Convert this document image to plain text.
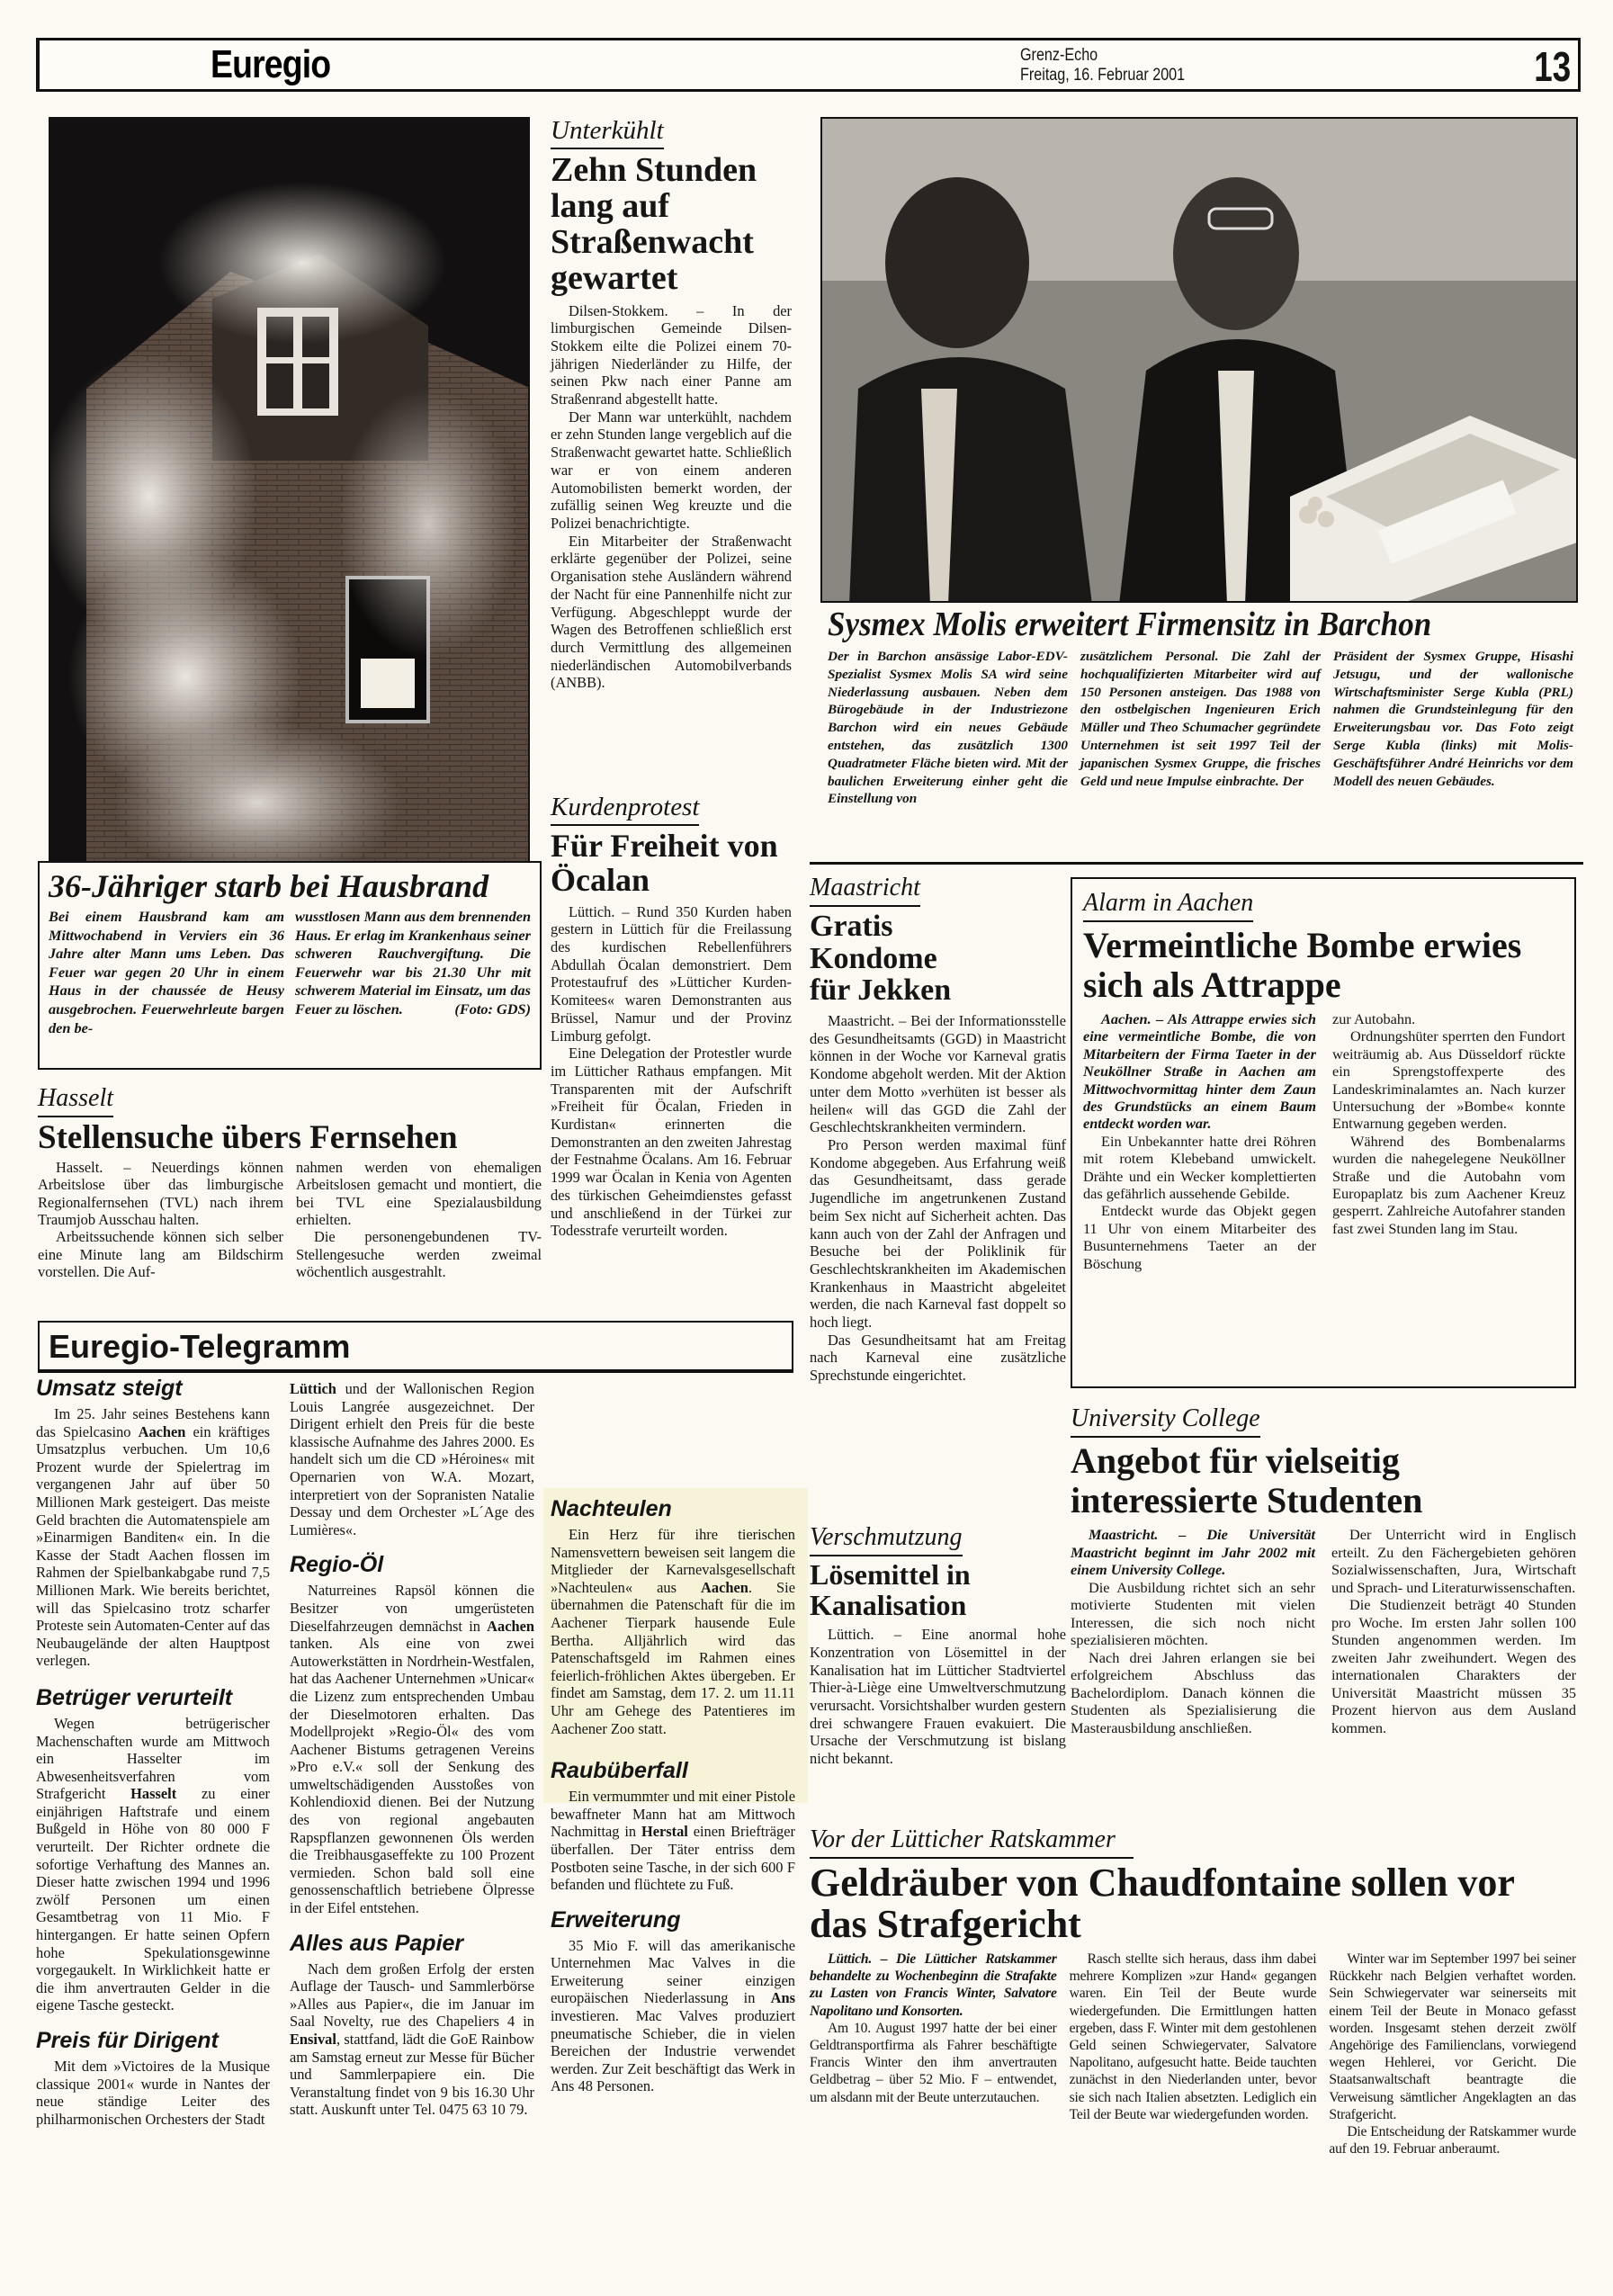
Euregio	Grenz-Echo
Freitag, 16. Februar 2001	13
36-Jähriger starb bei Hausbrand
Bei einem Hausbrand kam am Mittwochabend in Verviers ein 36 Jahre alter Mann ums Leben. Das Feuer war gegen 20 Uhr in einem Haus in der chaussée de Heusy ausgebrochen. Feuerwehrleute bargen den be-
wusstlosen Mann aus dem brennenden Haus. Er erlag im Krankenhaus seiner schweren Rauchvergiftung. Die Feuerwehr war bis 21.30 Uhr mit schwerem Material im Einsatz, um das Feuer zu löschen.	(Foto: GDS)
Unterkühlt
Zehn Stunden lang auf Straßenwacht gewartet

Dilsen-Stokkem. – In der limburgischen Gemeinde Dilsen-Stokkem eilte die Polizei einem 70-jährigen Niederländer zu Hilfe, der seinen Pkw nach einer Panne am Straßenrand abgestellt hatte.

Der Mann war unterkühlt, nachdem er zehn Stunden lange vergeblich auf die Straßenwacht gewartet hatte. Schließlich war er von einem anderen Automobilisten bemerkt worden, der zufällig seinen Weg kreuzte und die Polizei benachrichtigte.

Ein Mitarbeiter der Straßenwacht erklärte gegenüber der Polizei, seine Organisation stehe Ausländern während der Nacht für eine Pannenhilfe nicht zur Verfügung. Abgeschleppt wurde der Wagen des Betroffenen schließlich erst durch Vermittlung des allgemeinen niederländischen Automobilverbands (ANBB).

Kurdenprotest
Für Freiheit von Öcalan

Lüttich. – Rund 350 Kurden haben gestern in Lüttich für die Freilassung des kurdischen Rebellenführers Abdullah Öcalan demonstriert. Dem Protestaufruf des »Lütticher Kurden-Komitees« waren Demonstranten aus Brüssel, Namur und der Provinz Limburg gefolgt.

Eine Delegation der Protestler wurde im Lütticher Rathaus empfangen. Mit Transparenten mit der Aufschrift »Freiheit für Öcalan, Frieden in Kurdistan« erinnerten die Demonstranten an den zweiten Jahrestag der Festnahme Öcalans. Am 16. Februar 1999 war Öcalan in Kenia von Agenten des türkischen Geheimdienstes gefasst und anschließend in der Türkei zur Todesstrafe verurteilt worden.

Sysmex Molis erweitert Firmensitz in Barchon
Der in Barchon ansässige Labor-EDV-Spezialist Sysmex Molis SA wird seine Niederlassung ausbauen. Neben dem Bürogebäude in der Industriezone Barchon wird ein neues Gebäude entstehen, das zusätzlich 1300 Quadratmeter Fläche bieten wird. Mit der baulichen Erweiterung einher geht die Einstellung von
zusätzlichem Personal. Die Zahl der hochqualifizierten Mitarbeiter wird auf 150 Personen ansteigen. Das 1988 von den ostbelgischen Ingenieuren Erich Müller und Theo Schumacher gegründete Unternehmen ist seit 1997 Teil der japanischen Sysmex Gruppe, die frisches Geld und neue Impulse einbrachte. Der
Präsident der Sysmex Gruppe, Hisashi Jetsugu, und der wallonische Wirtschaftsminister Serge Kubla (PRL) nahmen die Grundsteinlegung für den Erweiterungsbau vor. Das Foto zeigt Serge Kubla (links) mit Molis-Geschäftsführer André Heinrichs vor dem Modell des neuen Gebäudes.
Hasselt
Stellensuche übers Fernsehen

Hasselt. – Neuerdings können Arbeitslose über das limburgische Regionalfernsehen (TVL) nach ihrem Traumjob Ausschau halten.

Arbeitssuchende können sich selber eine Minute lang am Bildschirm vorstellen. Die Auf-

nahmen werden von ehemaligen Arbeitslosen gemacht und montiert, die bei TVL eine Spezialausbildung erhielten.

Die personengebundenen TV-Stellengesuche werden zweimal wöchentlich ausgestrahlt.

Euregio-Telegramm
Umsatz steigt

Im 25. Jahr seines Bestehens kann das Spielcasino Aachen ein kräftiges Umsatzplus verbuchen. Um 10,6 Prozent wurde der Spielertrag im vergangenen Jahr auf über 50 Millionen Mark gesteigert. Das meiste Geld brachten die Automatenspiele am »Einarmigen Banditen« ein. In die Kasse der Stadt Aachen flossen im Rahmen der Spielbankabgabe rund 7,5 Millionen Mark. Wie bereits berichtet, will das Spielcasino trotz scharfer Proteste sein Automaten-Center auf das Neubaugelände der alten Hauptpost verlegen.

Betrüger verurteilt

Wegen betrügerischer Machenschaften wurde am Mittwoch ein Hasselter im Abwesenheitsverfahren vom Strafgericht Hasselt zu einer einjährigen Haftstrafe und einem Bußgeld in Höhe von 80 000 F verurteilt. Der Richter ordnete die sofortige Verhaftung des Mannes an. Dieser hatte zwischen 1994 und 1996 zwölf Personen um einen Gesamtbetrag von 11 Mio. F hintergangen. Er hatte seinen Opfern hohe Spekulationsgewinne vorgegaukelt. In Wirklichkeit hatte er die ihm anvertrauten Gelder in die eigene Tasche gesteckt.

Preis für Dirigent

Mit dem »Victoires de la Musique classique 2001« wurde in Nantes der neue ständige Leiter des philharmonischen Orchesters der Stadt

Lüttich und der Wallonischen Region Louis Langrée ausgezeichnet. Der Dirigent erhielt den Preis für die beste klassische Aufnahme des Jahres 2000. Es handelt sich um die CD »Héroines« mit Opernarien von W.A. Mozart, interpretiert von der Sopranisten Natalie Dessay und dem Orchester »L´Age des Lumières«.

Regio-Öl

Naturreines Rapsöl können die Besitzer von umgerüsteten Dieselfahrzeugen demnächst in Aachen tanken. Als eine von zwei Autowerkstätten in Nordrhein-Westfalen, hat das Aachener Unternehmen »Unicar« die Lizenz zum entsprechenden Umbau der Dieselmotoren erhalten. Das Modellprojekt »Regio-Öl« des vom Aachener Bistums getragenen Vereins »Pro e.V.« soll der Senkung des umweltschädigenden Ausstoßes von Kohlendioxid dienen. Bei der Nutzung des von regional angebauten Rapspflanzen gewonnenen Öls werden die Treibhausgaseffekte zu 100 Prozent vermieden. Schon bald soll eine genossenschaftlich betriebene Ölpresse in der Eifel entstehen.

Alles aus Papier

Nach dem großen Erfolg der ersten Auflage der Tausch- und Sammlerbörse »Alles aus Papier«, die im Januar im Saal Novelty, rue des Chapeliers 4 in Ensival, stattfand, lädt die GoE Rainbow am Samstag erneut zur Messe für Bücher und Sammlerpapiere ein. Die Veranstaltung findet von 9 bis 16.30 Uhr statt. Auskunft unter Tel. 0475 63 10 79.

Nachteulen

Ein Herz für ihre tierischen Namensvettern beweisen seit langem die Mitglieder der Karnevalsgesellschaft »Nachteulen« aus Aachen. Sie übernahmen die Patenschaft für die im Aachener Tierpark hausende Eule Bertha. Alljährlich wird das Patenschaftsgeld im Rahmen eines feierlich-fröhlichen Aktes übergeben. Er findet am Samstag, dem 17. 2. um 11.11 Uhr am Gehege des Patentieres im Aachener Zoo statt.

Raubüberfall

Ein vermummter und mit einer Pistole bewaffneter Mann hat am Mittwoch Nachmittag in Herstal einen Briefträger überfallen. Der Täter entriss dem Postboten seine Tasche, in der sich 600 F befanden und flüchtete zu Fuß.

Erweiterung

35 Mio F. will das amerikanische Unternehmen Mac Valves in die Erweiterung seiner einzigen europäischen Niederlassung in Ans investieren. Mac Valves produziert pneumatische Schieber, die in vielen Bereichen der Industrie verwendet werden. Zur Zeit beschäftigt das Werk in Ans 48 Personen.

Maastricht
Gratis Kondome für Jekken

Maastricht. – Bei der Informationsstelle des Gesundheitsamts (GGD) in Maastricht können in der Woche vor Karneval gratis Kondome abgeholt werden. Mit der Aktion unter dem Motto »verhüten ist besser als heilen« will das GGD die Zahl der Geschlechtskrankheiten vermindern.

Pro Person werden maximal fünf Kondome abgegeben. Aus Erfahrung weiß das Gesundheitsamt, dass gerade Jugendliche im angetrunkenen Zustand beim Sex nicht auf Sicherheit achten. Das kann auch von der Zahl der Anfragen und Besuche bei der Poliklinik für Geschlechtskrankheiten im Akademischen Krankenhaus in Maastricht abgeleitet werden, die nach Karneval fast doppelt so hoch liegt.

Das Gesundheitsamt hat am Freitag nach Karneval eine zusätzliche Sprechstunde eingerichtet.

Verschmutzung
Lösemittel in Kanalisation

Lüttich. – Eine anormal hohe Konzentration von Lösemittel in der Kanalisation hat im Lütticher Stadtviertel Thier-à-Liège eine Umweltverschmutzung verursacht. Vorsichtshalber wurden gestern drei schwangere Frauen evakuiert. Die Ursache der Verschmutzung ist bislang nicht bekannt.

Alarm in Aachen
Vermeintliche Bombe erwies sich als Attrappe

Aachen. – Als Attrappe erwies sich eine vermeintliche Bombe, die von Mitarbeitern der Firma Taeter in der Neuköllner Straße in Aachen am Mittwochvormittag hinter dem Zaun des Grundstücks an einem Baum entdeckt worden war.

Ein Unbekannter hatte drei Röhren mit rotem Klebeband umwickelt. Drähte und ein Wecker komplettierten das gefährlich aussehende Gebilde.

Entdeckt wurde das Objekt gegen 11 Uhr von einem Mitarbeiter des Busunternehmens Taeter an der Böschung

zur Autobahn.

Ordnungshüter sperrten den Fundort weiträumig ab. Aus Düsseldorf rückte ein Sprengstoffexperte des Landeskriminalamtes an. Nach kurzer Untersuchung der »Bombe« konnte Entwarnung gegeben werden.

Während des Bombenalarms wurden die nahegelegene Neuköllner Straße und die Autobahn vom Europaplatz bis zum Aachener Kreuz gesperrt. Zahlreiche Autofahrer standen fast zwei Stunden lang im Stau.

University College
Angebot für vielseitig interessierte Studenten

Maastricht. – Die Universität Maastricht beginnt im Jahr 2002 mit einem University College.

Die Ausbildung richtet sich an sehr motivierte Studenten mit vielen Interessen, die sich noch nicht spezialisieren möchten.

Nach drei Jahren erlangen sie bei erfolgreichem Abschluss das Bachelordiplom. Danach können die Studenten als Spezialisierung die Masterausbildung anschließen.

Der Unterricht wird in Englisch erteilt. Zu den Fächergebieten gehören Sozialwissenschaften, Jura, Wirtschaft und Sprach- und Literaturwissenschaften.

Die Studienzeit beträgt 40 Stunden pro Woche. Im ersten Jahr sollen 100 Stunden angenommen werden. Im zweiten Jahr zweihundert. Wegen des internationalen Charakters der Universität Maastricht müssen 35 Prozent hiervon aus dem Ausland kommen.

Vor der Lütticher Ratskammer
Geldräuber von Chaudfontaine sollen vor das Strafgericht

Lüttich. – Die Lütticher Ratskammer behandelte zu Wochenbeginn die Strafakte zu Lasten von Francis Winter, Salvatore Napolitano und Konsorten.

Am 10. August 1997 hatte der bei einer Geldtransportfirma als Fahrer beschäftigte Francis Winter den ihm anvertrauten Geldbetrag – über 52 Mio. F – entwendet, um alsdann mit der Beute unterzutauchen.

Rasch stellte sich heraus, dass ihm dabei mehrere Komplizen »zur Hand« gegangen waren. Ein Teil der Beute wurde wiedergefunden. Die Ermittlungen hatten ergeben, dass F. Winter mit dem gestohlenen Geld seinen Schwiegervater, Salvatore Napolitano, aufgesucht hatte. Beide tauchten zunächst in den Niederlanden unter, bevor sie sich nach Italien absetzten. Lediglich ein Teil der Beute war wiedergefunden worden.

Winter war im September 1997 bei seiner Rückkehr nach Belgien verhaftet worden. Sein Schwiegervater war seinerseits mit einem Teil der Beute in Monaco gefasst worden. Insgesamt stehen derzeit zwölf Angehörige des Familienclans, vorwiegend wegen Hehlerei, vor Gericht. Die Staatsanwaltschaft beantragte die Verweisung sämtlicher Angeklagten an das Strafgericht.

Die Entscheidung der Ratskammer wurde auf den 19. Februar anberaumt.
